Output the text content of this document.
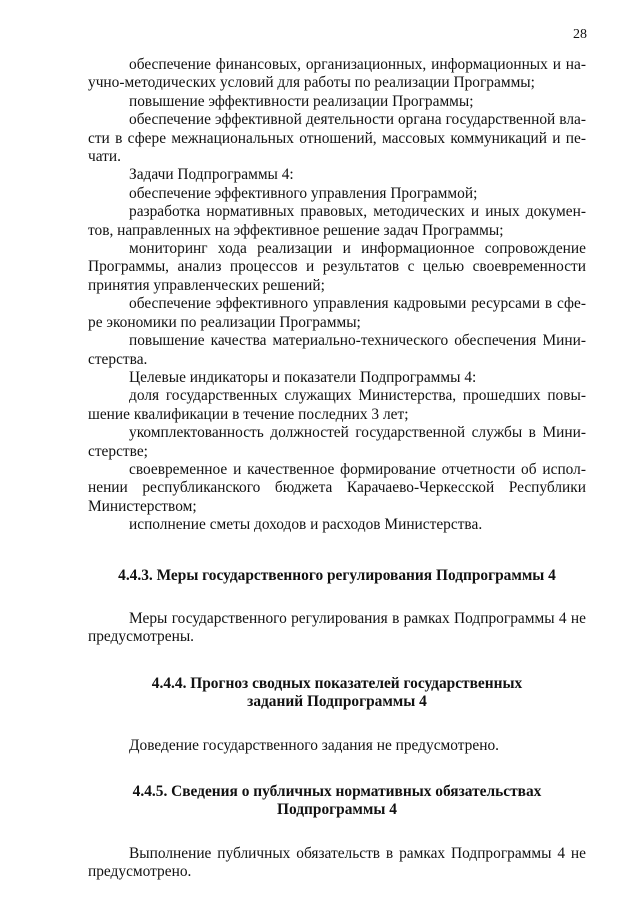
28

обеспечение финансовых, организационных, информационных и научно-методических условий для работы по реализации Программы;

повышение эффективности реализации Программы;

обеспечение эффективной деятельности органа государственной власти в сфере межнациональных отношений, массовых коммуникаций и печати.

Задачи Подпрограммы 4:

обеспечение эффективного управления Программой;

разработка нормативных правовых, методических и иных документов, направленных на эффективное решение задач Программы;

мониторинг хода реализации и информационное сопровождение Программы, анализ процессов и результатов с целью своевременности принятия управленческих решений;

обеспечение эффективного управления кадровыми ресурсами в сфере экономики по реализации Программы;

повышение качества материально-технического обеспечения Министерства.

Целевые индикаторы и показатели Подпрограммы 4:

доля государственных служащих Министерства, прошедших повышение квалификации в течение последних 3 лет;

укомплектованность должностей государственной службы в Министерстве;

своевременное и качественное формирование отчетности об исполнении республиканского бюджета Карачаево-Черкесской Республики Министерством;

исполнение сметы доходов и расходов Министерства.

4.4.3. Меры государственного регулирования Подпрограммы 4

Меры государственного регулирования в рамках Подпрограммы 4 не предусмотрены.

4.4.4. Прогноз сводных показателей государственных
заданий Подпрограммы 4

Доведение государственного задания не предусмотрено.

4.4.5. Сведения о публичных нормативных обязательствах
Подпрограммы 4

Выполнение публичных обязательств в рамках Подпрограммы 4 не предусмотрено.
